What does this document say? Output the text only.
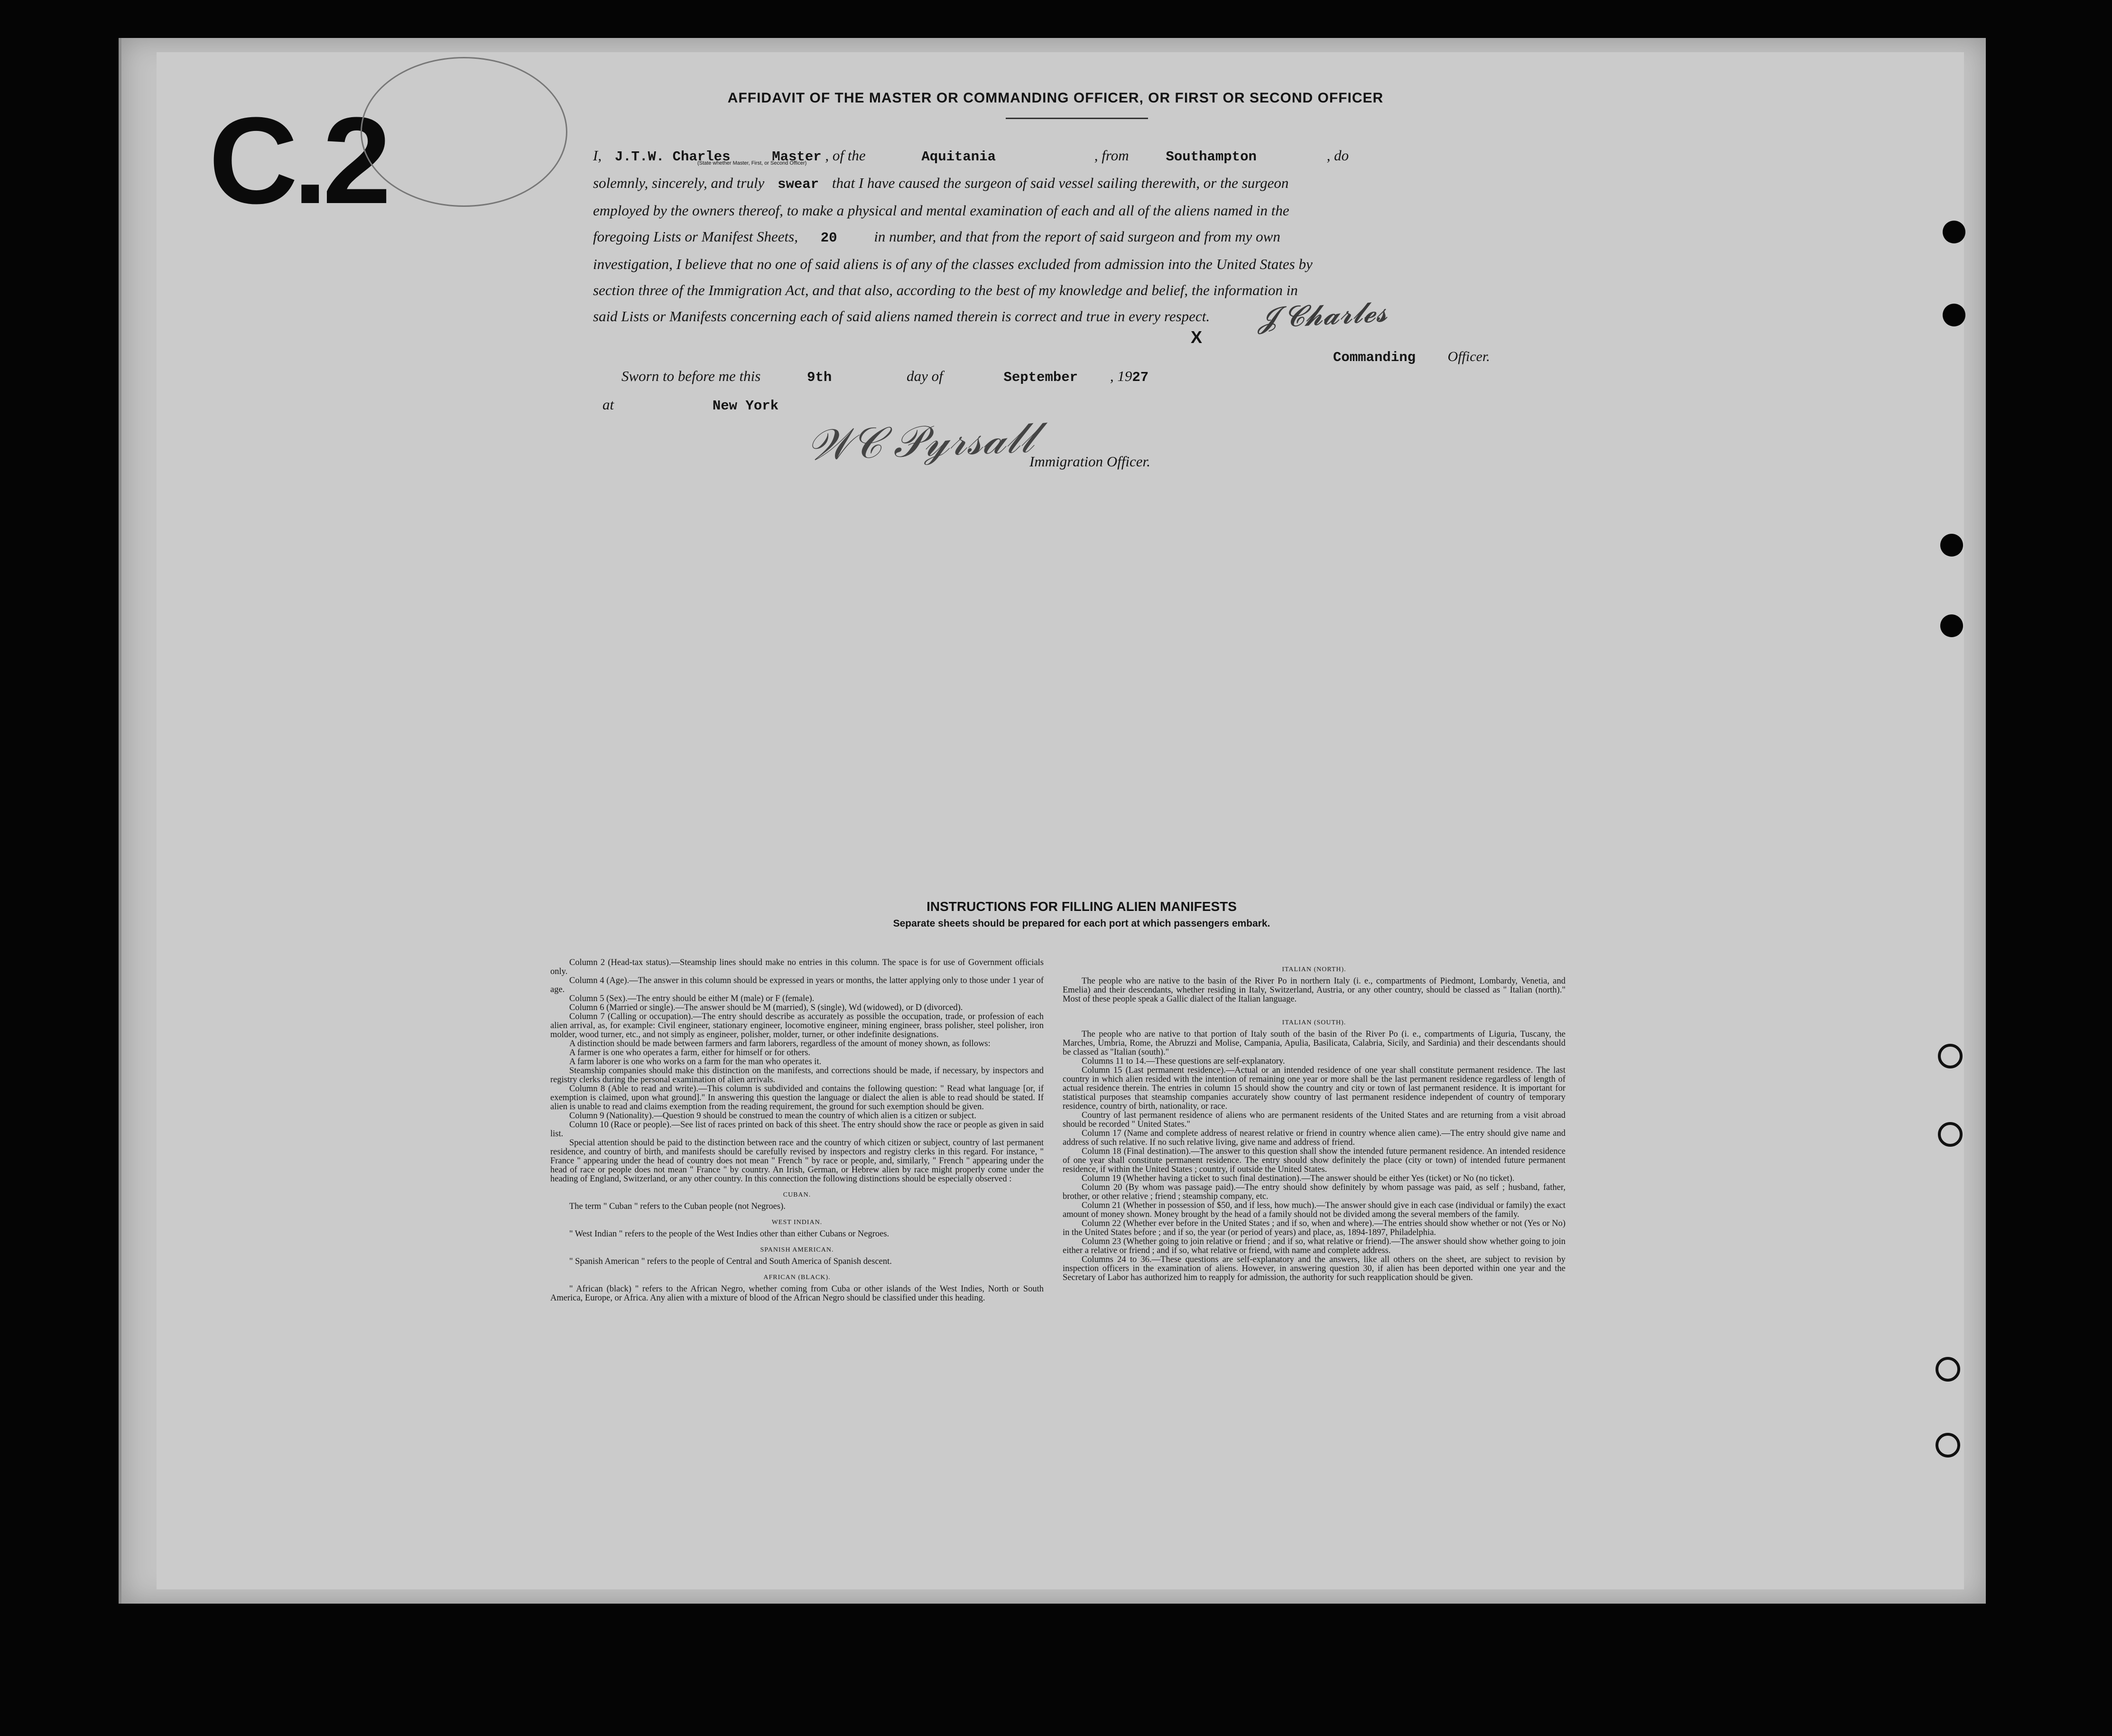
C.2	AFFIDAVIT OF THE MASTER OR COMMANDING OFFICER, OR FIRST OR SECOND OFFICER
I, J.T.W. Charles	Master , of the	Aquitania	, from	Southampton	, do
(State whether Master, First, or Second Officer)
solemnly, sincerely, and truly swear that I have caused the surgeon of said vessel sailing therewith, or the surgeon
employed by the owners thereof, to make a physical and mental examination of each and all of the aliens named in the
foregoing Lists or Manifest Sheets, 20	in number, and that from the report of said surgeon and from my own
investigation, I believe that no one of said aliens is of any of the classes excluded from admission into the United States by
section three of the Immigration Act, and that also, according to the best of my knowledge and belief, the information in
said Lists or Manifests concerning each of said aliens named therein is correct and true in every respect.
X
𝓙 𝓒𝓱𝓪𝓻𝓵𝓮𝓼
Commanding Officer.
Sworn to before me this	9th	day of	September , 1927
at	New York
𝒲𝒞 𝒫𝓎𝓇𝓈𝒶𝓁𝓁
Immigration Officer.
INSTRUCTIONS FOR FILLING ALIEN MANIFESTS
Separate sheets should be prepared for each port at which passengers embark.

Column 2 (Head-tax status).—Steamship lines should make no entries in this column. The space is for use of Government officials only.

Column 4 (Age).—The answer in this column should be expressed in years or months, the latter applying only to those under 1 year of age.

Column 5 (Sex).—The entry should be either M (male) or F (female).

Column 6 (Married or single).—The answer should be M (married), S (single), Wd (widowed), or D (divorced).

Column 7 (Calling or occupation).—The entry should describe as accurately as possible the occupation, trade, or profession of each alien arrival, as, for example: Civil engineer, stationary engineer, locomotive engineer, mining engineer, brass polisher, steel polisher, iron molder, wood turner, etc., and not simply as engineer, polisher, molder, turner, or other indefinite designations.

A distinction should be made between farmers and farm laborers, regardless of the amount of money shown, as follows:

A farmer is one who operates a farm, either for himself or for others.

A farm laborer is one who works on a farm for the man who operates it.

Steamship companies should make this distinction on the manifests, and corrections should be made, if necessary, by inspectors and registry clerks during the personal examination of alien arrivals.

Column 8 (Able to read and write).—This column is subdivided and contains the following question: " Read what language [or, if exemption is claimed, upon what ground]." In answering this question the language or dialect the alien is able to read should be stated. If alien is unable to read and claims exemption from the reading requirement, the ground for such exemption should be given.

Column 9 (Nationality).—Question 9 should be construed to mean the country of which alien is a citizen or subject.

Column 10 (Race or people).—See list of races printed on back of this sheet. The entry should show the race or people as given in said list.

Special attention should be paid to the distinction between race and the country of which citizen or subject, country of last permanent residence, and country of birth, and manifests should be carefully revised by inspectors and registry clerks in this regard. For instance, " France " appearing under the head of country does not mean " French " by race or people, and, similarly, " French " appearing under the head of race or people does not mean " France " by country. An Irish, German, or Hebrew alien by race might properly come under the heading of England, Switzerland, or any other country. In this connection the following distinctions should be especially observed :

CUBAN.

The term " Cuban " refers to the Cuban people (not Negroes).

WEST INDIAN.

" West Indian " refers to the people of the West Indies other than either Cubans or Negroes.

SPANISH AMERICAN.

" Spanish American " refers to the people of Central and South America of Spanish descent.

AFRICAN (BLACK).

" African (black) " refers to the African Negro, whether coming from Cuba or other islands of the West Indies, North or South America, Europe, or Africa. Any alien with a mixture of blood of the African Negro should be classified under this heading.

ITALIAN (NORTH).

The people who are native to the basin of the River Po in northern Italy (i. e., compartments of Piedmont, Lombardy, Venetia, and Emelia) and their descendants, whether residing in Italy, Switzerland, Austria, or any other country, should be classed as " Italian (north)." Most of these people speak a Gallic dialect of the Italian language.

ITALIAN (SOUTH).

The people who are native to that portion of Italy south of the basin of the River Po (i. e., compartments of Liguria, Tuscany, the Marches, Umbria, Rome, the Abruzzi and Molise, Campania, Apulia, Basilicata, Calabria, Sicily, and Sardinia) and their descendants should be classed as "Italian (south)."

Columns 11 to 14.—These questions are self-explanatory.

Column 15 (Last permanent residence).—Actual or an intended residence of one year shall constitute permanent residence. The last country in which alien resided with the intention of remaining one year or more shall be the last permanent residence regardless of length of actual residence therein. The entries in column 15 should show the country and city or town of last permanent residence. It is important for statistical purposes that steamship companies accurately show country of last permanent residence independent of country of temporary residence, country of birth, nationality, or race.

Country of last permanent residence of aliens who are permanent residents of the United States and are returning from a visit abroad should be recorded " United States."

Column 17 (Name and complete address of nearest relative or friend in country whence alien came).—The entry should give name and address of such relative. If no such relative living, give name and address of friend.

Column 18 (Final destination).—The answer to this question shall show the intended future permanent residence. An intended residence of one year shall constitute permanent residence. The entry should show definitely the place (city or town) of intended future permanent residence, if within the United States ; country, if outside the United States.

Column 19 (Whether having a ticket to such final destination).—The answer should be either Yes (ticket) or No (no ticket).

Column 20 (By whom was passage paid).—The entry should show definitely by whom passage was paid, as self ; husband, father, brother, or other relative ; friend ; steamship company, etc.

Column 21 (Whether in possession of $50, and if less, how much).—The answer should give in each case (individual or family) the exact amount of money shown. Money brought by the head of a family should not be divided among the several members of the family.

Column 22 (Whether ever before in the United States ; and if so, when and where).—The entries should show whether or not (Yes or No) in the United States before ; and if so, the year (or period of years) and place, as, 1894-1897, Philadelphia.

Column 23 (Whether going to join relative or friend ; and if so, what relative or friend).—The answer should show whether going to join either a relative or friend ; and if so, what relative or friend, with name and complete address.

Columns 24 to 36.—These questions are self-explanatory and the answers, like all others on the sheet, are subject to revision by inspection officers in the examination of aliens. However, in answering question 30, if alien has been deported within one year and the Secretary of Labor has authorized him to reapply for admission, the authority for such reapplication should be given.
